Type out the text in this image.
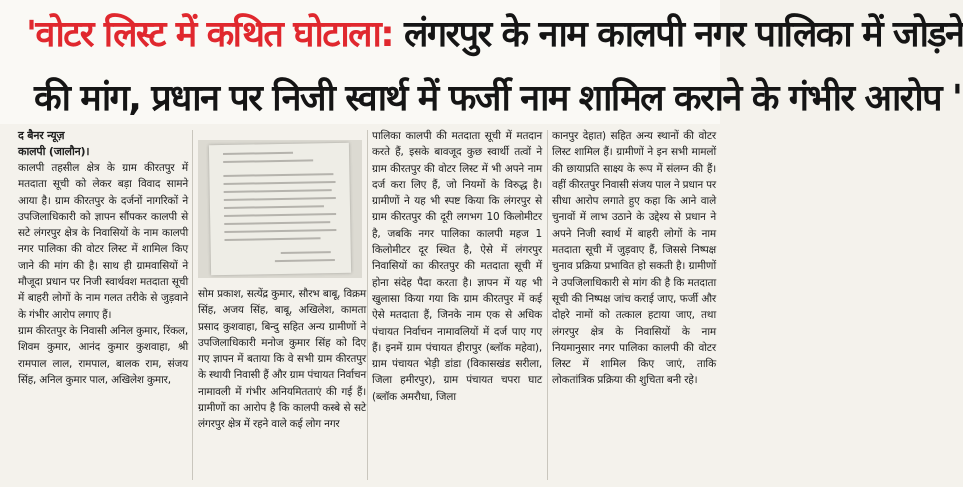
'वोटर लिस्ट में कथित घोटाला: लंगरपुर के नाम कालपी नगर पालिका में जोड़ने
की मांग, प्रधान पर निजी स्वार्थ में फर्जी नाम शामिल कराने के गंभीर आरोप '
द बैनर न्यूज़
कालपी (जालौन)।

कालपी तहसील क्षेत्र के ग्राम कीरतपुर में मतदाता सूची को लेकर बड़ा विवाद सामने आया है। ग्राम कीरतपुर के दर्जनों नागरिकों ने उपजिलाधिकारी को ज्ञापन सौंपकर कालपी से सटे लंगरपुर क्षेत्र के निवासियों के नाम कालपी नगर पालिका की वोटर लिस्ट में शामिल किए जाने की मांग की है। साथ ही ग्रामवासियों ने मौजूदा प्रधान पर निजी स्वार्थवश मतदाता सूची में बाहरी लोगों के नाम गलत तरीके से जुड़वाने के गंभीर आरोप लगाए हैं।

ग्राम कीरतपुर के निवासी अनिल कुमार, रिंकल, शिवम कुमार, आनंद कुमार कुशवाहा, श्री रामपाल लाल, रामपाल, बालक राम, संजय सिंह, अनिल कुमार पाल, अखिलेश कुमार,

सोम प्रकाश, सत्येंद्र कुमार, सौरभ बाबू, विक्रम सिंह, अजय सिंह, बाबू, अखिलेश, कामता प्रसाद कुशवाहा, बिन्दु सहित अन्य ग्रामीणों ने उपजिलाधिकारी मनोज कुमार सिंह को दिए गए ज्ञापन में बताया कि वे सभी ग्राम कीरतपुर के स्थायी निवासी हैं और ग्राम पंचायत निर्वाचन नामावली में गंभीर अनियमितताएं की गई हैं। ग्रामीणों का आरोप है कि कालपी कस्बे से सटे लंगरपुर क्षेत्र में रहने वाले कई लोग नगर

पालिका कालपी की मतदाता सूची में मतदान करते हैं, इसके बावजूद कुछ स्वार्थी तत्वों ने ग्राम कीरतपुर की वोटर लिस्ट में भी अपने नाम दर्ज करा लिए हैं, जो नियमों के विरुद्ध है। ग्रामीणों ने यह भी स्पष्ट किया कि लंगरपुर से ग्राम कीरतपुर की दूरी लगभग 10 किलोमीटर है, जबकि नगर पालिका कालपी महज 1 किलोमीटर दूर स्थित है, ऐसे में लंगरपुर निवासियों का कीरतपुर की मतदाता सूची में होना संदेह पैदा करता है। ज्ञापन में यह भी खुलासा किया गया कि ग्राम कीरतपुर में कई ऐसे मतदाता हैं, जिनके नाम एक से अधिक पंचायत निर्वाचन नामावलियों में दर्ज पाए गए हैं। इनमें ग्राम पंचायत हीरापुर (ब्लॉक महेवा), ग्राम पंचायत भेड़ी डांडा (विकासखंड सरीला, जिला हमीरपुर), ग्राम पंचायत चपरा घाट (ब्लॉक अमरौधा, जिला

कानपुर देहात) सहित अन्य स्थानों की वोटर लिस्ट शामिल हैं। ग्रामीणों ने इन सभी मामलों की छायाप्रति साक्ष्य के रूप में संलग्न की हैं।वहीं कीरतपुर निवासी संजय पाल ने प्रधान पर सीधा आरोप लगाते हुए कहा कि आने वाले चुनावों में लाभ उठाने के उद्देश्य से प्रधान ने अपने निजी स्वार्थ में बाहरी लोगों के नाम मतदाता सूची में जुड़वाए हैं, जिससे निष्पक्ष चुनाव प्रक्रिया प्रभावित हो सकती है। ग्रामीणों ने उपजिलाधिकारी से मांग की है कि मतदाता सूची की निष्पक्ष जांच कराई जाए, फर्जी और दोहरे नामों को तत्काल हटाया जाए, तथा लंगरपुर क्षेत्र के निवासियों के नाम नियमानुसार नगर पालिका कालपी की वोटर लिस्ट में शामिल किए जाएं, ताकि लोकतांत्रिक प्रक्रिया की शुचिता बनी रहे।
